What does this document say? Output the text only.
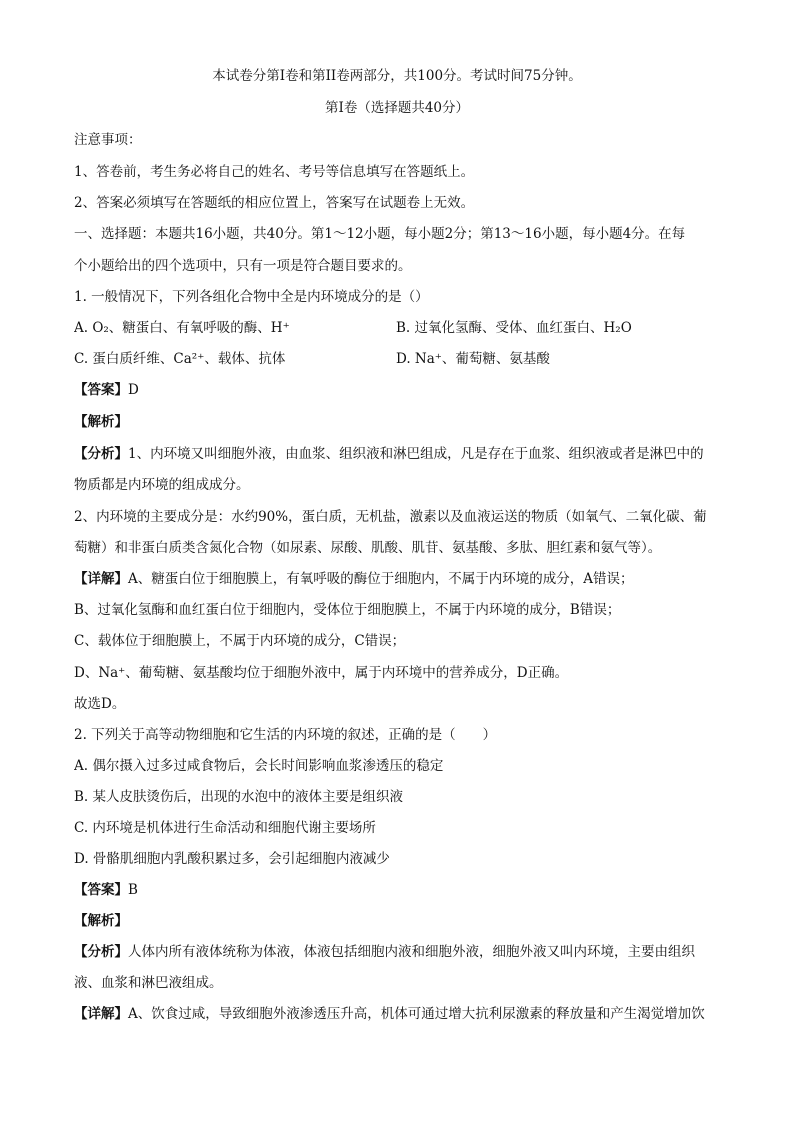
本试卷分第Ⅰ卷和第II卷两部分，共100分。考试时间75分钟。
第Ⅰ卷（选择题共40分）
注意事项：
1、答卷前，考生务必将自己的姓名、考号等信息填写在答题纸上。
2、答案必须填写在答题纸的相应位置上，答案写在试题卷上无效。
一、选择题：本题共16小题，共40分。第1～12小题，每小题2分；第13～16小题，每小题4分。在每
个小题给出的四个选项中，只有一项是符合题目要求的。
1. 一般情况下，下列各组化合物中全是内环境成分的是（）
A. O₂、糖蛋白、有氧呼吸的酶、H⁺	B. 过氧化氢酶、受体、血红蛋白、H₂O
C. 蛋白质纤维、Ca²⁺、载体、抗体	D. Na⁺、葡萄糖、氨基酸
【答案】D
【解析】
【分析】1、内环境又叫细胞外液，由血浆、组织液和淋巴组成，凡是存在于血浆、组织液或者是淋巴中的
物质都是内环境的组成成分。
2、内环境的主要成分是：水约90%，蛋白质，无机盐，激素以及血液运送的物质（如氧气、二氧化碳、葡
萄糖）和非蛋白质类含氮化合物（如尿素、尿酸、肌酸、肌苷、氨基酸、多肽、胆红素和氨气等）。
【详解】A、糖蛋白位于细胞膜上，有氧呼吸的酶位于细胞内，不属于内环境的成分，A错误；
B、过氧化氢酶和血红蛋白位于细胞内，受体位于细胞膜上，不属于内环境的成分，B错误；
C、载体位于细胞膜上，不属于内环境的成分，C错误；
D、Na⁺、葡萄糖、氨基酸均位于细胞外液中，属于内环境中的营养成分，D正确。
故选D。
2. 下列关于高等动物细胞和它生活的内环境的叙述，正确的是（　　）
A. 偶尔摄入过多过咸食物后，会长时间影响血浆渗透压的稳定
B. 某人皮肤烫伤后，出现的水泡中的液体主要是组织液
C. 内环境是机体进行生命活动和细胞代谢主要场所
D. 骨骼肌细胞内乳酸积累过多，会引起细胞内液减少
【答案】B
【解析】
【分析】人体内所有液体统称为体液，体液包括细胞内液和细胞外液，细胞外液又叫内环境，主要由组织
液、血浆和淋巴液组成。
【详解】A、饮食过咸，导致细胞外液渗透压升高，机体可通过增大抗利尿激素的释放量和产生渴觉增加饮
